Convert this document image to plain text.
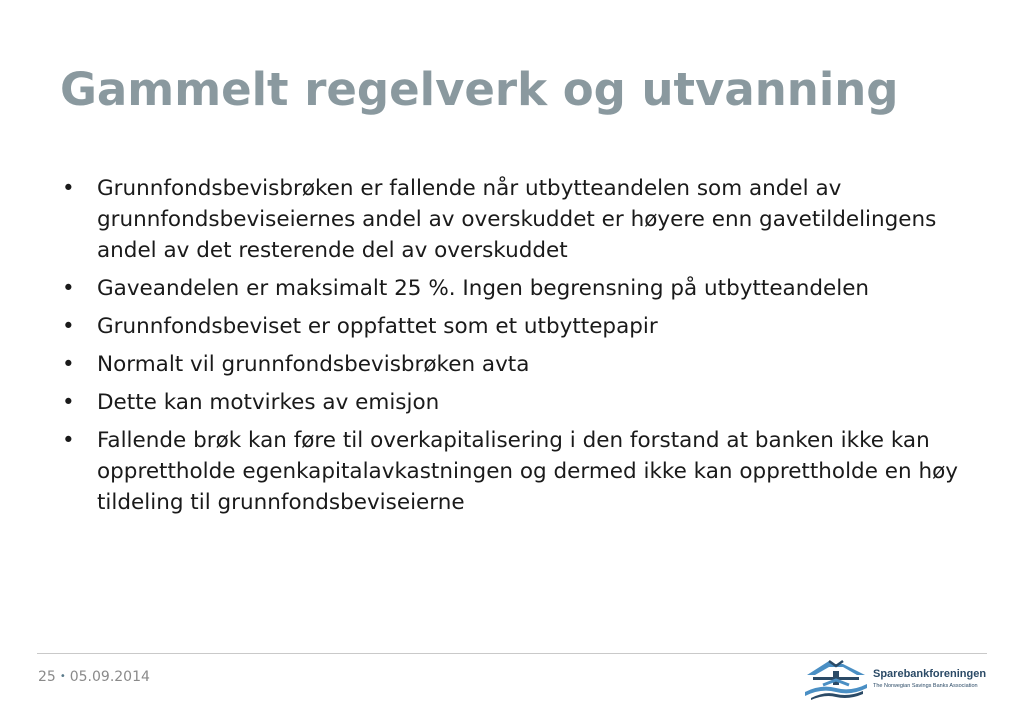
Gammelt regelverk og utvanning
• Grunnfondsbevisbrøken er fallende når utbytteandelen som andel av grunnfondsbeviseiernes andel av overskuddet er høyere enn gavetildelingens andel av det resterende del av overskuddet
• Gaveandelen er maksimalt 25 %. Ingen begrensning på utbytteandelen
• Grunnfondsbeviset er oppfattet som et utbyttepapir
• Normalt vil grunnfondsbevisbrøken avta
• Dette kan motvirkes av emisjon
• Fallende brøk kan føre til overkapitalisering i den forstand at banken ikke kan opprettholde egenkapitalavkastningen og dermed ikke kan opprettholde en høy tildeling til grunnfondsbeviseierne
25 • 05.09.2014	Sparebankforeningen
The Norwegian Savings Banks Association
